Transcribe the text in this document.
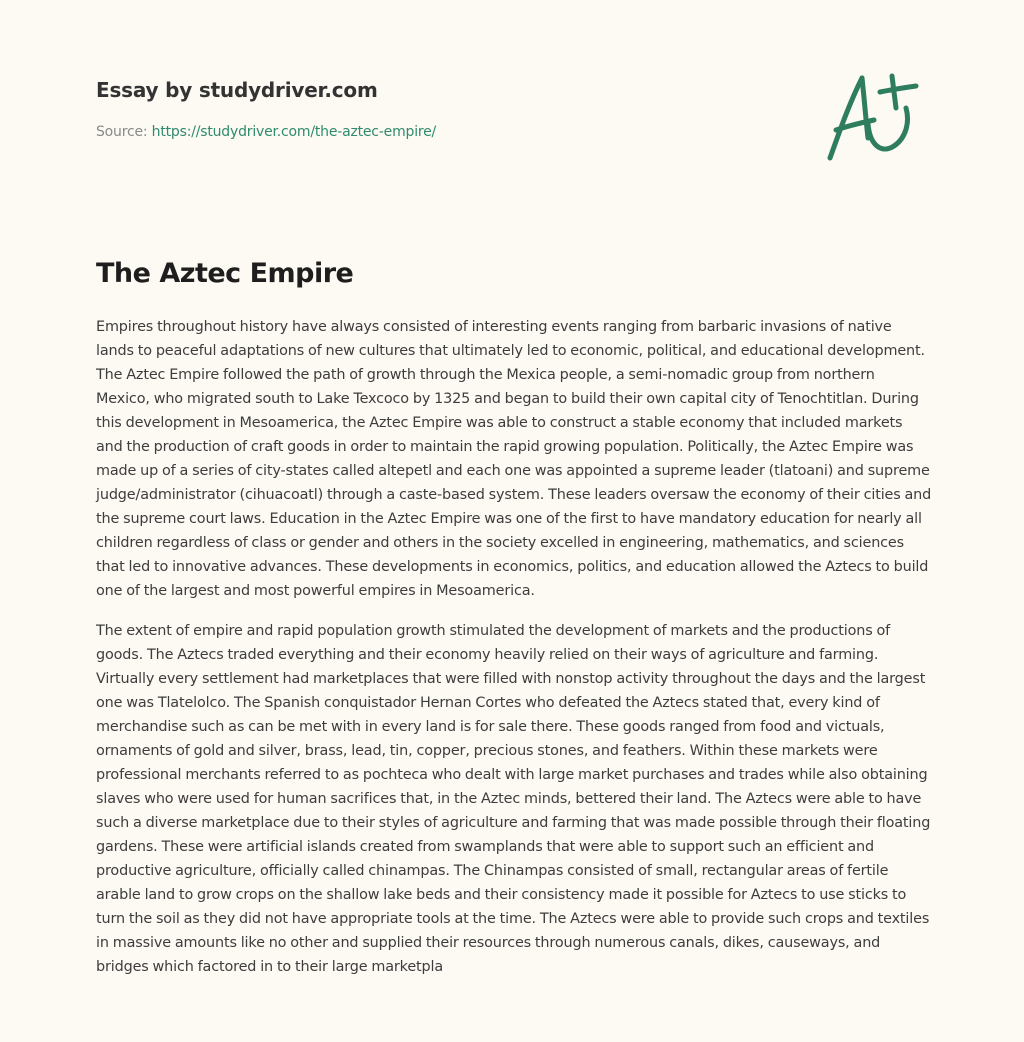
Essay by studydriver.com
Source: https://studydriver.com/the-aztec-empire/
The Aztec Empire

Empires throughout history have always consisted of interesting events ranging from barbaric invasions of native lands to peaceful adaptations of new cultures that ultimately led to economic, political, and educational development. The Aztec Empire followed the path of growth through the Mexica people, a semi-nomadic group from northern Mexico, who migrated south to Lake Texcoco by 1325 and began to build their own capital city of Tenochtitlan. During this development in Mesoamerica, the Aztec Empire was able to construct a stable economy that included markets and the production of craft goods in order to maintain the rapid growing population. Politically, the Aztec Empire was made up of a series of city-states called altepetl and each one was appointed a supreme leader (tlatoani) and supreme judge/administrator (cihuacoatl) through a caste-based system. These leaders oversaw the economy of their cities and the supreme court laws. Education in the Aztec Empire was one of the first to have mandatory education for nearly all children regardless of class or gender and others in the society excelled in engineering, mathematics, and sciences that led to innovative advances. These developments in economics, politics, and education allowed the Aztecs to build one of the largest and most powerful empires in Mesoamerica.

The extent of empire and rapid population growth stimulated the development of markets and the productions of goods. The Aztecs traded everything and their economy heavily relied on their ways of agriculture and farming. Virtually every settlement had marketplaces that were filled with nonstop activity throughout the days and the largest one was Tlatelolco. The Spanish conquistador Hernan Cortes who defeated the Aztecs stated that, every kind of merchandise such as can be met with in every land is for sale there. These goods ranged from food and victuals, ornaments of gold and silver, brass, lead, tin, copper, precious stones, and feathers. Within these markets were professional merchants referred to as pochteca who dealt with large market purchases and trades while also obtaining slaves who were used for human sacrifices that, in the Aztec minds, bettered their land. The Aztecs were able to have such a diverse marketplace due to their styles of agriculture and farming that was made possible through their floating gardens. These were artificial islands created from swamplands that were able to support such an efficient and productive agriculture, officially called chinampas. The Chinampas consisted of small, rectangular areas of fertile arable land to grow crops on the shallow lake beds and their consistency made it possible for Aztecs to use sticks to turn the soil as they did not have appropriate tools at the time. The Aztecs were able to provide such crops and textiles in massive amounts like no other and supplied their resources through numerous canals, dikes, causeways, and bridges which factored in to their large marketpla
